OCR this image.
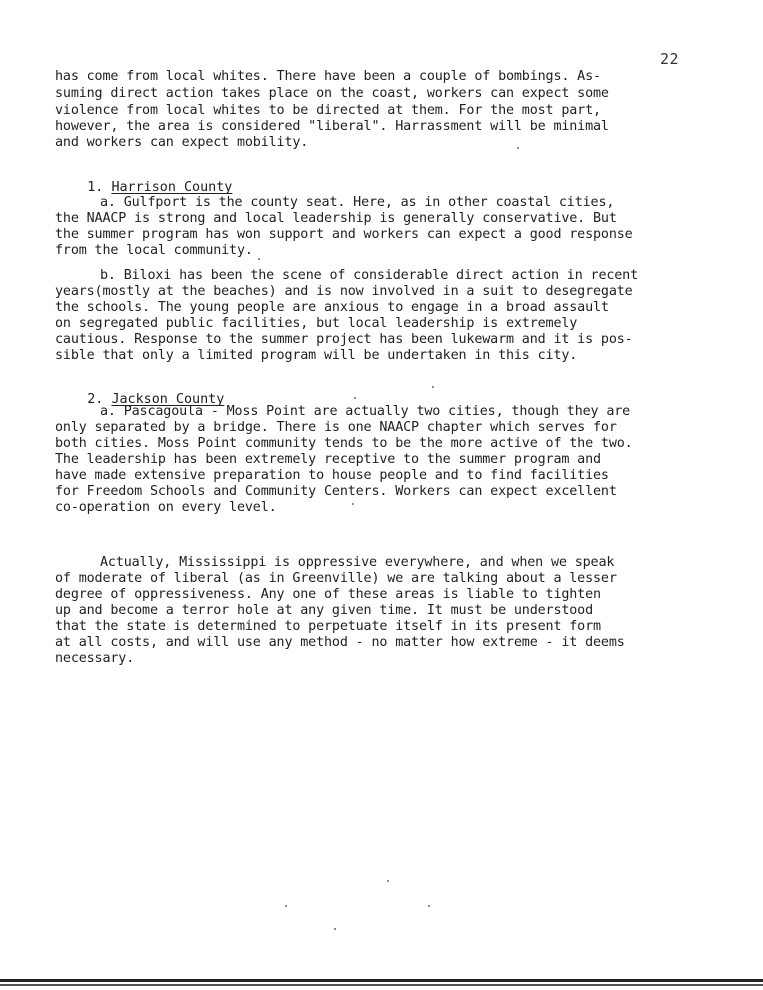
22
has come from local whites. There have been a couple of bombings. As-
suming direct action takes place on the coast, workers can expect some
violence from local whites to be directed at them. For the most part,
however, the area is considered "liberal". Harrassment will be minimal
and workers can expect mobility.

1. Harrison County

a. Gulfport is the county seat. Here, as in other coastal cities,
the NAACP is strong and local leadership is generally conservative. But
the summer program has won support and workers can expect a good response
from the local community.
b. Biloxi has been the scene of considerable direct action in recent
years(mostly at the beaches) and is now involved in a suit to desegregate
the schools. The young people are anxious to engage in a broad assault
on segregated public facilities, but local leadership is extremely
cautious. Response to the summer project has been lukewarm and it is pos-
sible that only a limited program will be undertaken in this city.

2. Jackson County

a. Pascagoula - Moss Point are actually two cities, though they are
only separated by a bridge. There is one NAACP chapter which serves for
both cities. Moss Point community tends to be the more active of the two.
The leadership has been extremely receptive to the summer program and
have made extensive preparation to house people and to find facilities
for Freedom Schools and Community Centers. Workers can expect excellent
co-operation on every level.
Actually, Mississippi is oppressive everywhere, and when we speak
of moderate of liberal (as in Greenville) we are talking about a lesser
degree of oppressiveness. Any one of these areas is liable to tighten
up and become a terror hole at any given time. It must be understood
that the state is determined to perpetuate itself in its present form
at all costs, and will use any method - no matter how extreme - it deems
necessary.
